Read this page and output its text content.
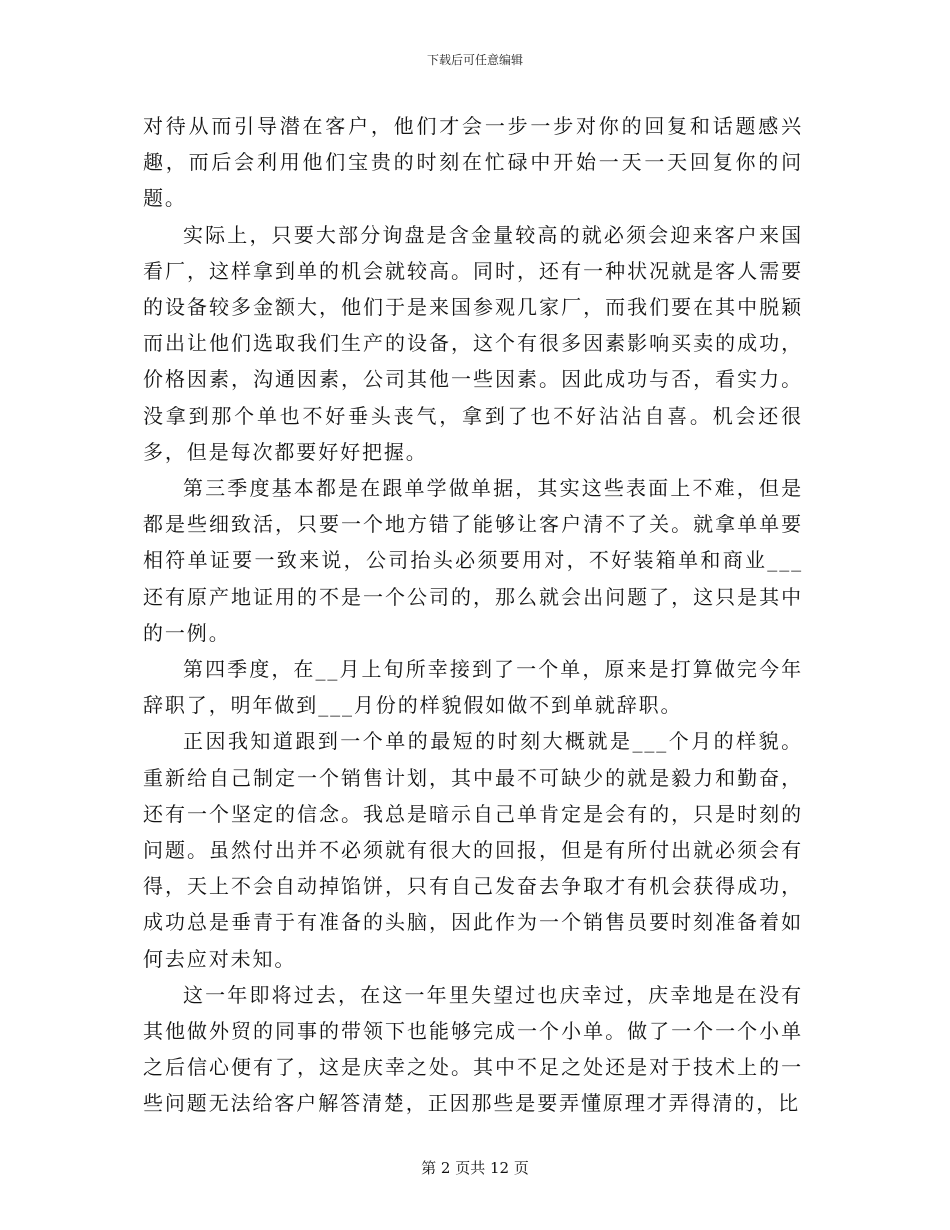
下载后可任意编辑

对待从而引导潜在客户，他们才会一步一步对你的回复和话题感兴趣，而后会利用他们宝贵的时刻在忙碌中开始一天一天回复你的问题。

实际上，只要大部分询盘是含金量较高的就必须会迎来客户来国看厂，这样拿到单的机会就较高。同时，还有一种状况就是客人需要的设备较多金额大，他们于是来国参观几家厂，而我们要在其中脱颖而出让他们选取我们生产的设备，这个有很多因素影响买卖的成功，价格因素，沟通因素，公司其他一些因素。因此成功与否，看实力。没拿到那个单也不好垂头丧气，拿到了也不好沾沾自喜。机会还很多，但是每次都要好好把握。

第三季度基本都是在跟单学做单据，其实这些表面上不难，但是都是些细致活，只要一个地方错了能够让客户清不了关。就拿单单要相符单证要一致来说，公司抬头必须要用对，不好装箱单和商业___还有原产地证用的不是一个公司的，那么就会出问题了，这只是其中的一例。

第四季度，在__月上旬所幸接到了一个单，原来是打算做完今年辞职了，明年做到___月份的样貌假如做不到单就辞职。

正因我知道跟到一个单的最短的时刻大概就是___个月的样貌。重新给自己制定一个销售计划，其中最不可缺少的就是毅力和勤奋，还有一个坚定的信念。我总是暗示自己单肯定是会有的，只是时刻的问题。虽然付出并不必须就有很大的回报，但是有所付出就必须会有得，天上不会自动掉馅饼，只有自己发奋去争取才有机会获得成功，成功总是垂青于有准备的头脑，因此作为一个销售员要时刻准备着如何去应对未知。

这一年即将过去，在这一年里失望过也庆幸过，庆幸地是在没有其他做外贸的同事的带领下也能够完成一个小单。做了一个一个小单之后信心便有了，这是庆幸之处。其中不足之处还是对于技术上的一些问题无法给客户解答清楚，正因那些是要弄懂原理才弄得清的，比

第 2 页共 12 页
